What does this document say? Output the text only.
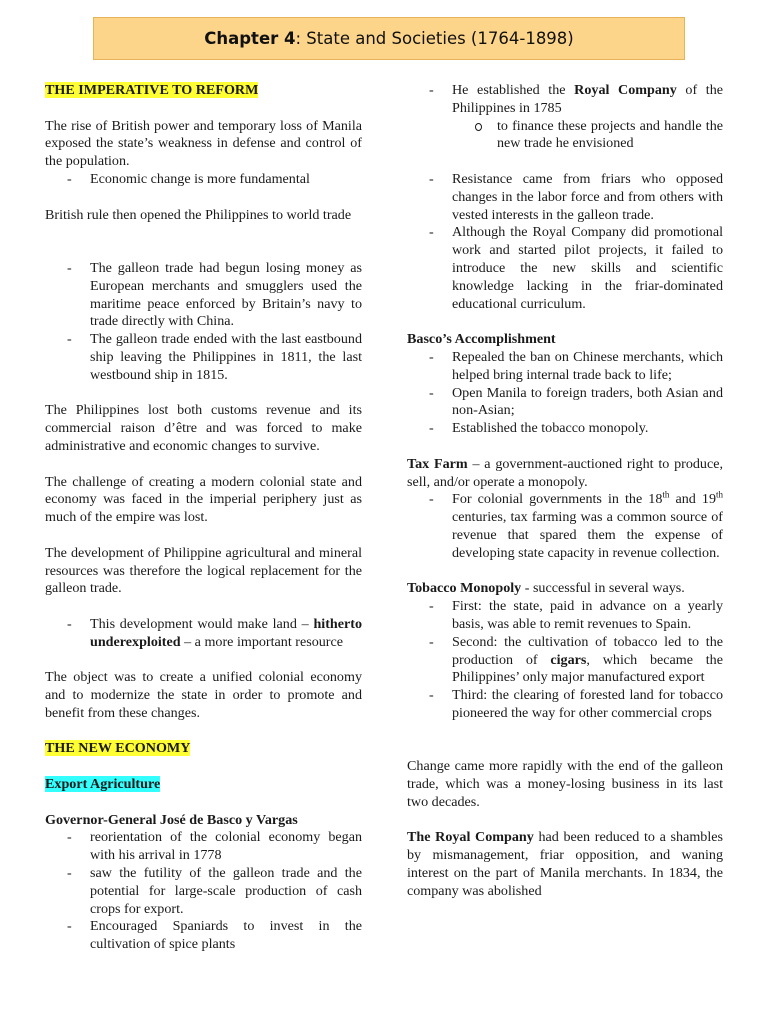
Chapter 4 : State and Societies (1764-1898)

THE IMPERATIVE TO REFORM

The rise of British power and temporary loss of Manila exposed the state’s weakness in defense and control of the population.

- Economic change is more fundamental

British rule then opened the Philippines to world trade

- The galleon trade had begun losing money as European merchants and smugglers used the maritime peace enforced by Britain’s navy to trade directly with China.
- The galleon trade ended with the last eastbound ship leaving the Philippines in 1811, the last westbound ship in 1815.

The Philippines lost both customs revenue and its commercial raison d’être and was forced to make administrative and economic changes to survive.

The challenge of creating a modern colonial state and economy was faced in the imperial periphery just as much of the empire was lost.

The development of Philippine agricultural and mineral resources was therefore the logical replacement for the galleon trade.

- This development would make land – hitherto underexploited – a more important resource

The object was to create a unified colonial economy and to modernize the state in order to promote and benefit from these changes.

THE NEW ECONOMY

Export Agriculture

Governor-General José de Basco y Vargas

- reorientation of the colonial economy began with his arrival in 1778
- saw the futility of the galleon trade and the potential for large-scale production of cash crops for export.
- Encouraged Spaniards to invest in the cultivation of spice plants
- He established the Royal Company of the Philippines in 1785
to finance these projects and handle the new trade he envisioned
- Resistance came from friars who opposed changes in the labor force and from others with vested interests in the galleon trade.
- Although the Royal Company did promotional work and started pilot projects, it failed to introduce the new skills and scientific knowledge lacking in the friar-dominated educational curriculum.

Basco’s Accomplishment

- Repealed the ban on Chinese merchants, which helped bring internal trade back to life;
- Open Manila to foreign traders, both Asian and non-Asian;
- Established the tobacco monopoly.

Tax Farm – a government-auctioned right to produce, sell, and/or operate a monopoly.

- For colonial governments in the 18th and 19th centuries, tax farming was a common source of revenue that spared them the expense of developing state capacity in revenue collection.

Tobacco Monopoly - successful in several ways.

- First: the state, paid in advance on a yearly basis, was able to remit revenues to Spain.
- Second: the cultivation of tobacco led to the production of cigars, which became the Philippines’ only major manufactured export
- Third: the clearing of forested land for tobacco pioneered the way for other commercial crops

Change came more rapidly with the end of the galleon trade, which was a money-losing business in its last two decades.

The Royal Company had been reduced to a shambles by mismanagement, friar opposition, and waning interest on the part of Manila merchants. In 1834, the company was abolished
